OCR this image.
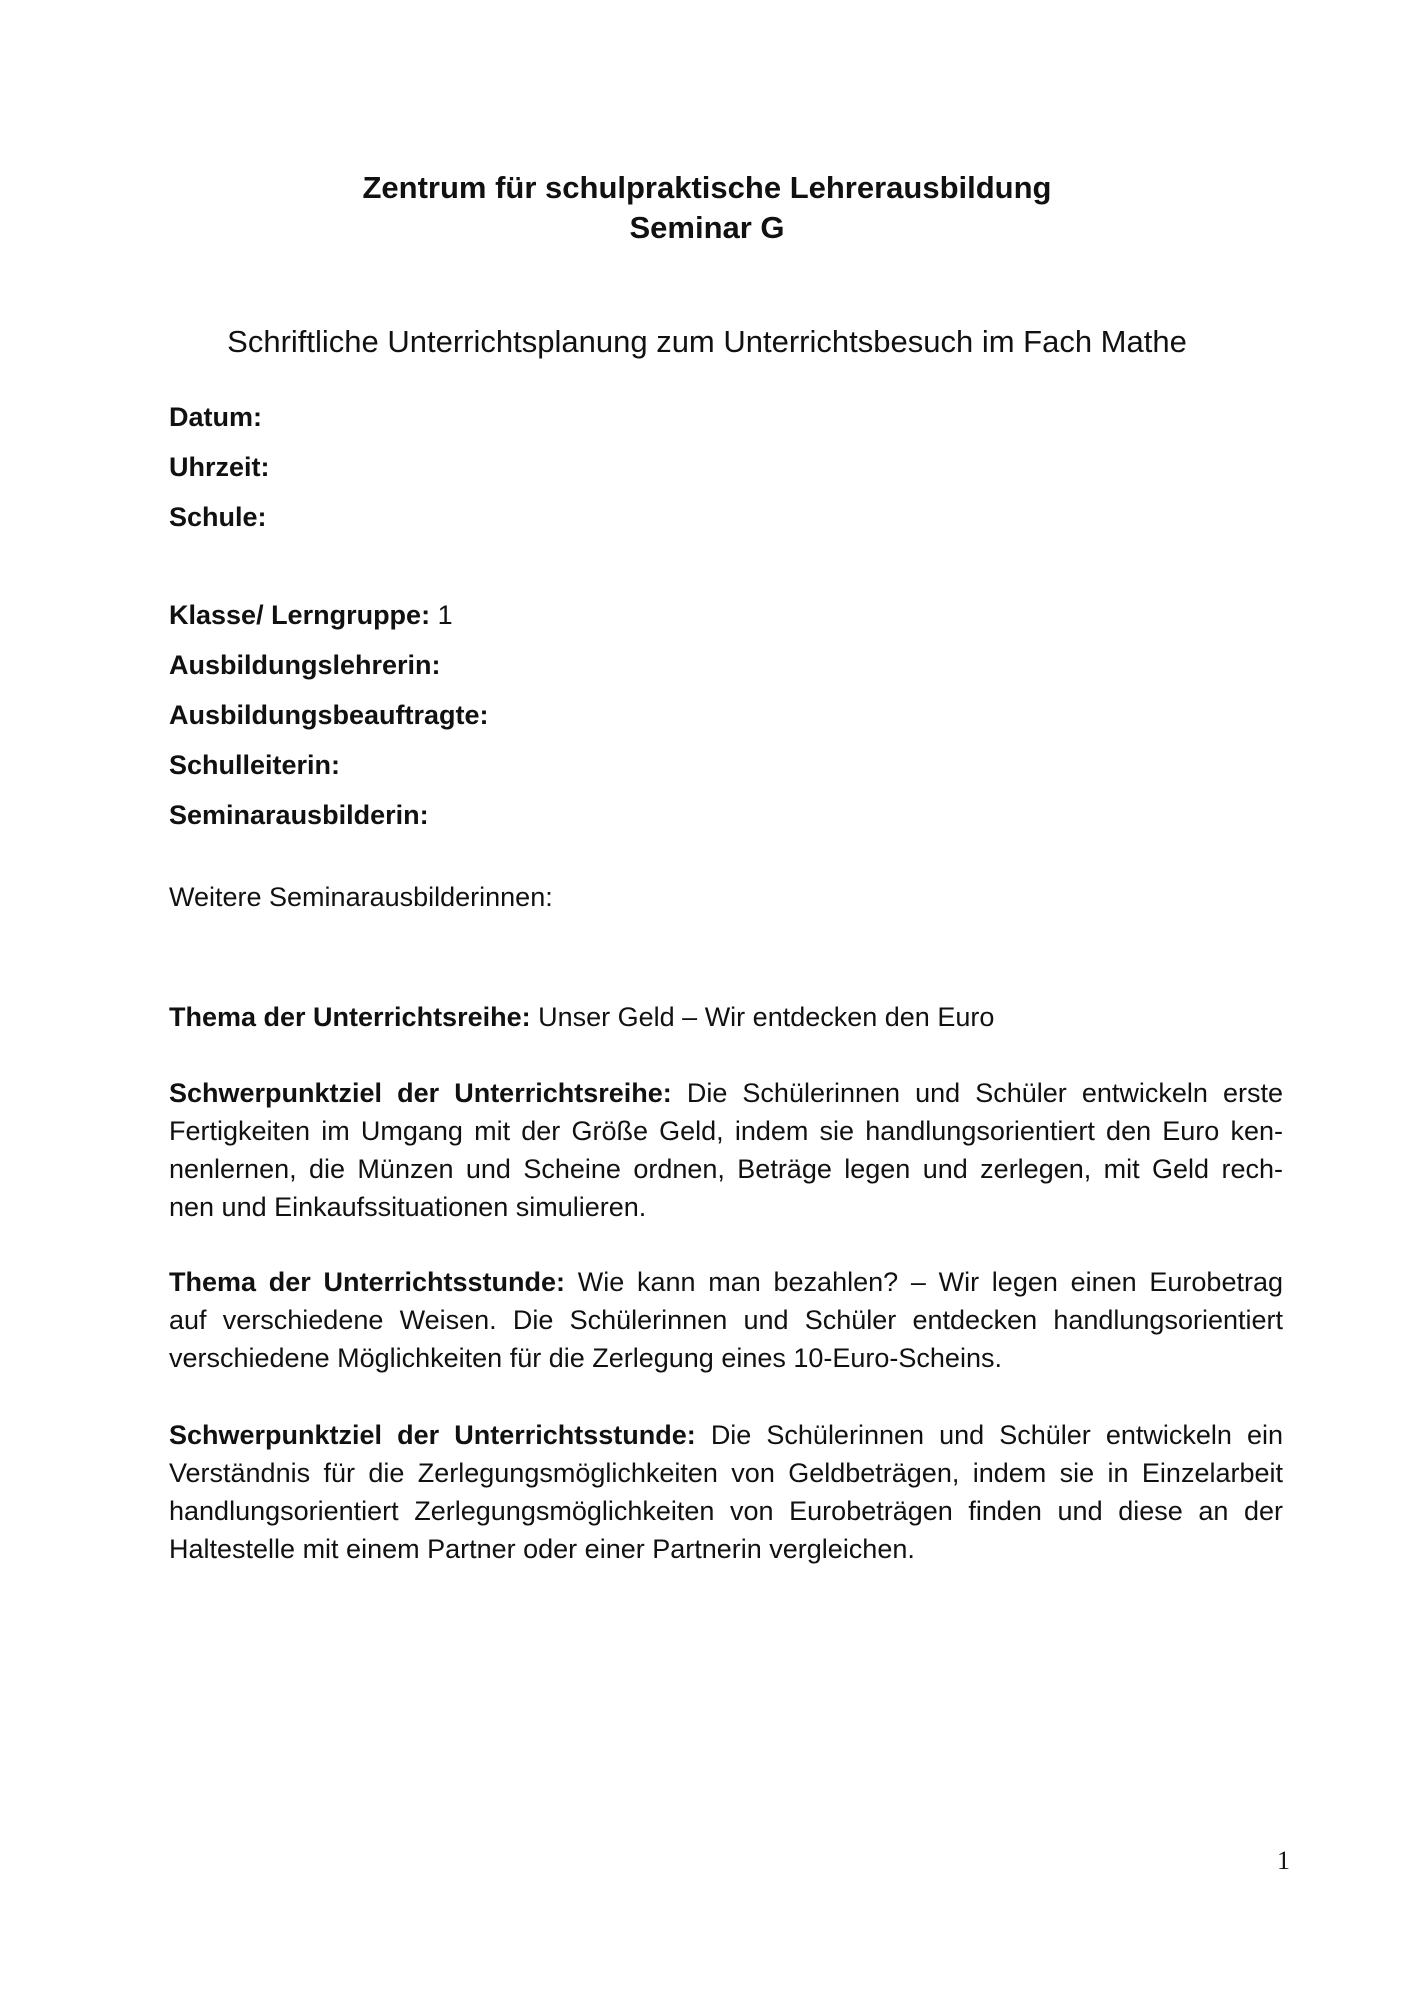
Zentrum für schulpraktische Lehrerausbildung
Seminar G
Schriftliche Unterrichtsplanung zum Unterrichtsbesuch im Fach Mathe
Datum:
Uhrzeit:
Schule:
Klasse/ Lerngruppe: 1
Ausbildungslehrerin:
Ausbildungsbeauftragte:
Schulleiterin:
Seminarausbilderin:
Weitere Seminarausbilderinnen:
Thema der Unterrichtsreihe: Unser Geld – Wir entdecken den Euro
Schwerpunktziel der Unterrichtsreihe: Die Schülerinnen und Schüler entwickeln erste
Fertigkeiten im Umgang mit der Größe Geld, indem sie handlungsorientiert den Euro ken-
nenlernen, die Münzen und Scheine ordnen, Beträge legen und zerlegen, mit Geld rech-
nen und Einkaufssituationen simulieren.
Thema der Unterrichtsstunde: Wie kann man bezahlen? – Wir legen einen Eurobetrag
auf verschiedene Weisen. Die Schülerinnen und Schüler entdecken handlungsorientiert
verschiedene Möglichkeiten für die Zerlegung eines 10-Euro-Scheins.
Schwerpunktziel der Unterrichtsstunde: Die Schülerinnen und Schüler entwickeln ein
Verständnis für die Zerlegungsmöglichkeiten von Geldbeträgen, indem sie in Einzelarbeit
handlungsorientiert Zerlegungsmöglichkeiten von Eurobeträgen finden und diese an der
Haltestelle mit einem Partner oder einer Partnerin vergleichen.
1
